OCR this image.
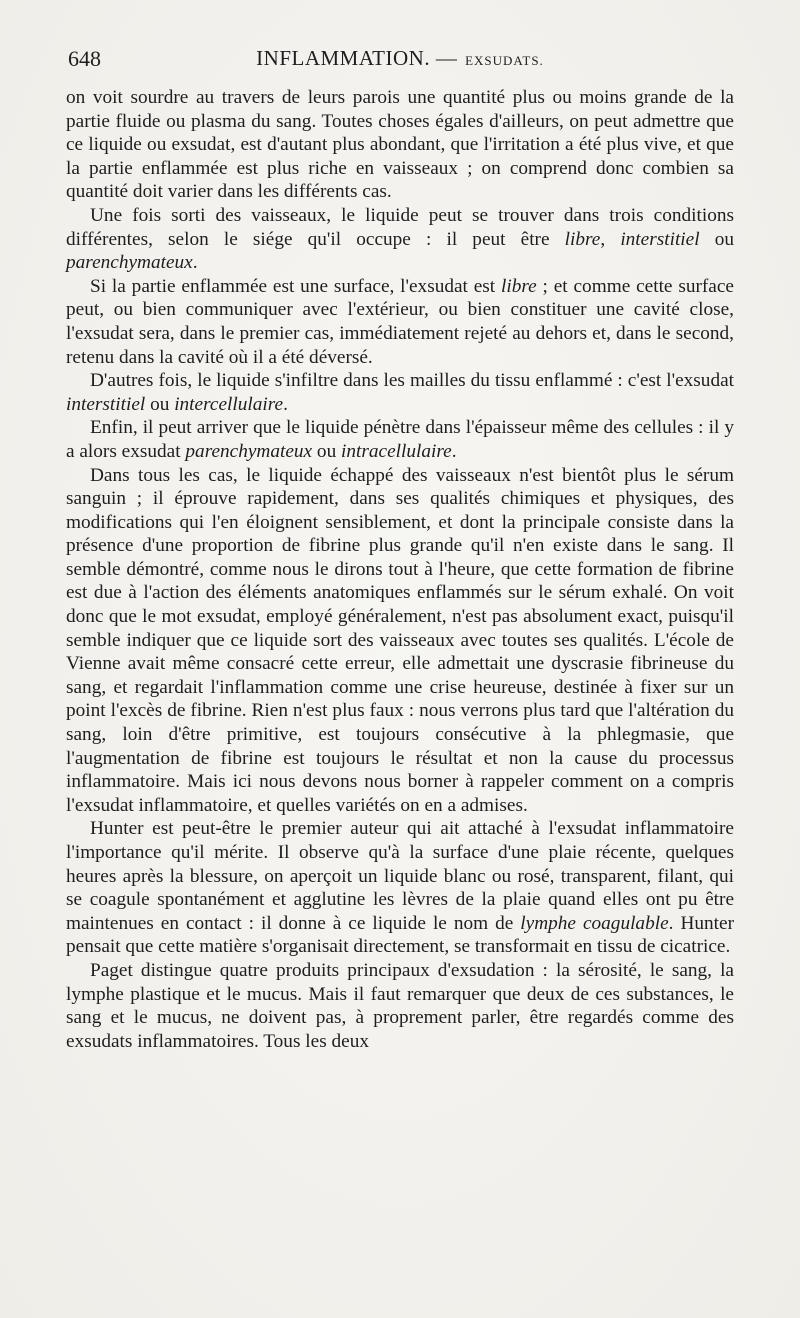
648	INFLAMMATION. — EXSUDATS.

on voit sourdre au travers de leurs parois une quantité plus ou moins grande de la partie fluide ou plasma du sang. Toutes choses égales d'ailleurs, on peut admettre que ce liquide ou exsudat, est d'autant plus abondant, que l'irritation a été plus vive, et que la partie enflammée est plus riche en vaisseaux ; on comprend donc combien sa quantité doit varier dans les différents cas.

Une fois sorti des vaisseaux, le liquide peut se trouver dans trois conditions différentes, selon le siége qu'il occupe : il peut être libre, interstitiel ou parenchymateux.

Si la partie enflammée est une surface, l'exsudat est libre ; et comme cette surface peut, ou bien communiquer avec l'extérieur, ou bien constituer une cavité close, l'exsudat sera, dans le premier cas, immédiatement rejeté au dehors et, dans le second, retenu dans la cavité où il a été déversé.

D'autres fois, le liquide s'infiltre dans les mailles du tissu enflammé : c'est l'exsudat interstitiel ou intercellulaire.

Enfin, il peut arriver que le liquide pénètre dans l'épaisseur même des cellules : il y a alors exsudat parenchymateux ou intracellulaire.

Dans tous les cas, le liquide échappé des vaisseaux n'est bientôt plus le sérum sanguin ; il éprouve rapidement, dans ses qualités chimiques et physiques, des modifications qui l'en éloignent sensiblement, et dont la principale consiste dans la présence d'une proportion de fibrine plus grande qu'il n'en existe dans le sang. Il semble démontré, comme nous le dirons tout à l'heure, que cette formation de fibrine est due à l'action des éléments anatomiques enflammés sur le sérum exhalé. On voit donc que le mot exsudat, employé généralement, n'est pas absolument exact, puisqu'il semble indiquer que ce liquide sort des vaisseaux avec toutes ses qualités. L'école de Vienne avait même consacré cette erreur, elle admettait une dyscrasie fibrineuse du sang, et regardait l'inflammation comme une crise heureuse, destinée à fixer sur un point l'excès de fibrine. Rien n'est plus faux : nous verrons plus tard que l'altération du sang, loin d'être primitive, est toujours consécutive à la phlegmasie, que l'augmentation de fibrine est toujours le résultat et non la cause du processus inflammatoire. Mais ici nous devons nous borner à rappeler comment on a compris l'exsudat inflammatoire, et quelles variétés on en a admises.

Hunter est peut-être le premier auteur qui ait attaché à l'exsudat inflammatoire l'importance qu'il mérite. Il observe qu'à la surface d'une plaie récente, quelques heures après la blessure, on aperçoit un liquide blanc ou rosé, transparent, filant, qui se coagule spontanément et agglutine les lèvres de la plaie quand elles ont pu être maintenues en contact : il donne à ce liquide le nom de lymphe coagulable. Hunter pensait que cette matière s'organisait directement, se transformait en tissu de cicatrice.

Paget distingue quatre produits principaux d'exsudation : la sérosité, le sang, la lymphe plastique et le mucus. Mais il faut remarquer que deux de ces substances, le sang et le mucus, ne doivent pas, à proprement parler, être regardés comme des exsudats inflammatoires. Tous les deux
